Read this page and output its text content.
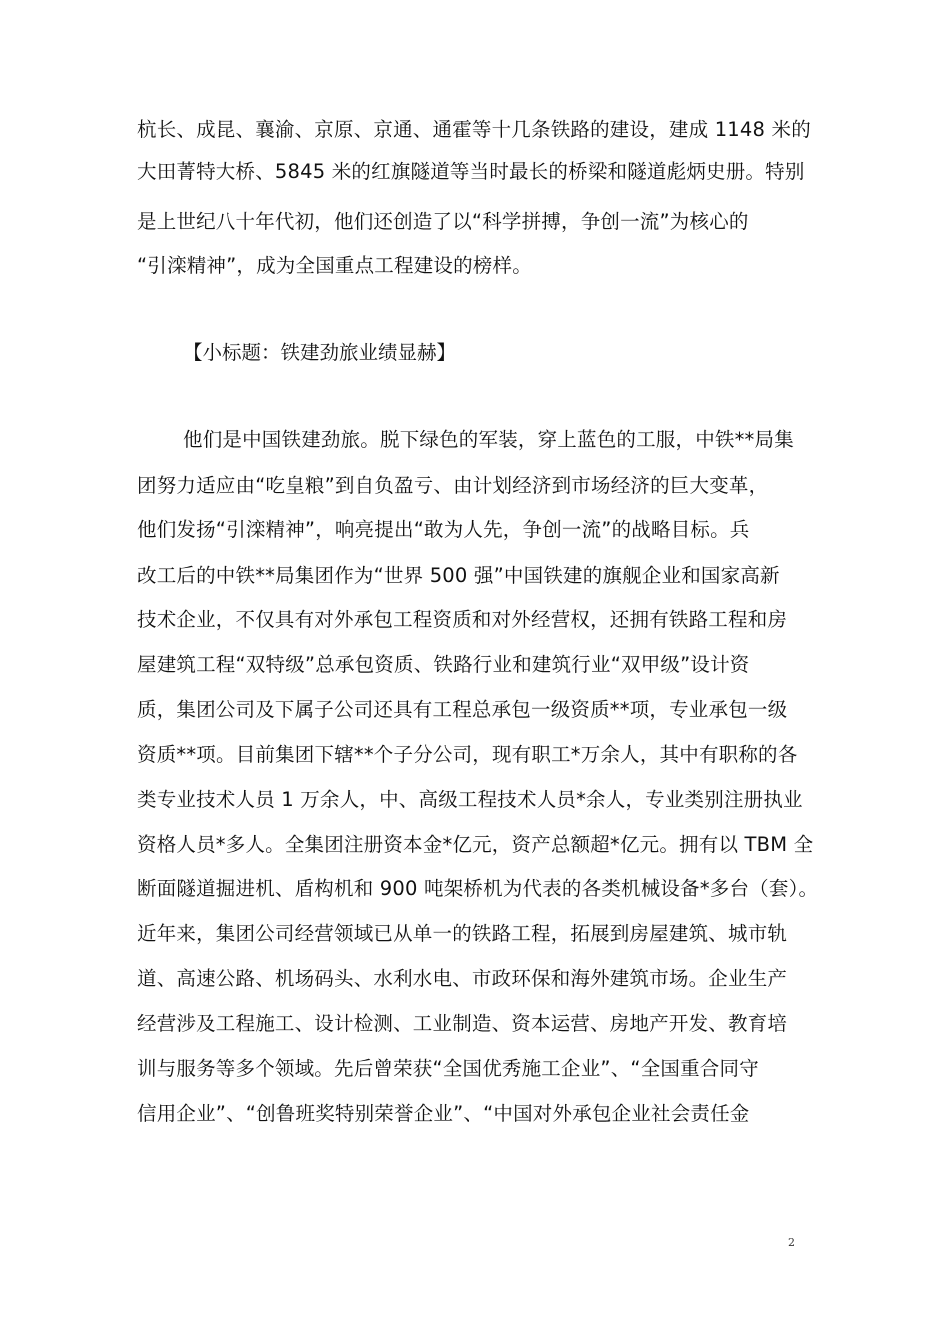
杭长、成昆、襄渝、京原、京通、通霍等十几条铁路的建设，建成 1148 米的
大田菁特大桥、5845 米的红旗隧道等当时最长的桥梁和隧道彪炳史册。特别
是上世纪八十年代初，他们还创造了以“科学拼搏，争创一流”为核心的
“引滦精神”，成为全国重点工程建设的榜样。
【小标题：铁建劲旅业绩显赫】
他们是中国铁建劲旅。脱下绿色的军装，穿上蓝色的工服，中铁**局集
团努力适应由“吃皇粮”到自负盈亏、由计划经济到市场经济的巨大变革，
他们发扬“引滦精神”，响亮提出“敢为人先，争创一流”的战略目标。兵
改工后的中铁**局集团作为“世界 500 强”中国铁建的旗舰企业和国家高新
技术企业，不仅具有对外承包工程资质和对外经营权，还拥有铁路工程和房
屋建筑工程“双特级”总承包资质、铁路行业和建筑行业“双甲级”设计资
质，集团公司及下属子公司还具有工程总承包一级资质**项，专业承包一级
资质**项。目前集团下辖**个子分公司，现有职工*万余人，其中有职称的各
类专业技术人员 1 万余人，中、高级工程技术人员*余人，专业类别注册执业
资格人员*多人。全集团注册资本金*亿元，资产总额超*亿元。拥有以 TBM 全
断面隧道掘进机、盾构机和 900 吨架桥机为代表的各类机械设备*多台（套）。
近年来，集团公司经营领域已从单一的铁路工程，拓展到房屋建筑、城市轨
道、高速公路、机场码头、水利水电、市政环保和海外建筑市场。企业生产
经营涉及工程施工、设计检测、工业制造、资本运营、房地产开发、教育培
训与服务等多个领域。先后曾荣获“全国优秀施工企业”、“全国重合同守
信用企业”、“创鲁班奖特别荣誉企业”、“中国对外承包企业社会责任金
2
